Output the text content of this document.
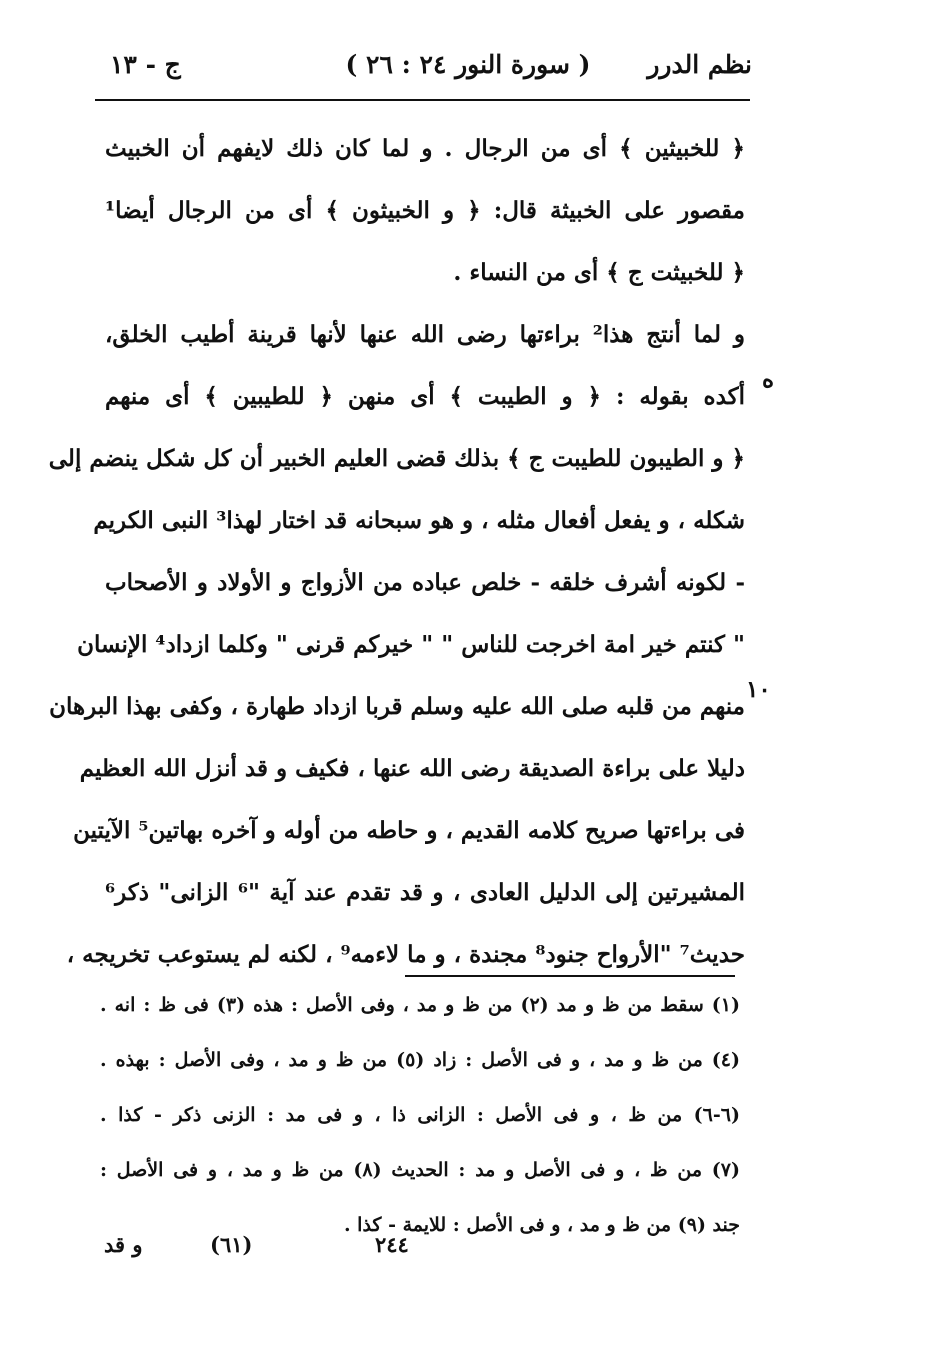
نظم الدرر
( سورة النور ٢٤ : ٢٦ )
ج - ١٣
﴿ للخبيثين ﴾ أى من الرجال . و لما كان ذلك لايفهم أن الخبيث
مقصور على الخبيثة قال: ﴿ و الخبيثون ﴾ أى من الرجال أيضا¹
﴿ للخبيثت ج ﴾ أى من النساء .
و لما أنتج هذا² براءتها رضى الله عنها لأنها قرينة أطيب الخلق،
أكده بقوله : ﴿ و الطيبت ﴾ أى منهن ﴿ للطيبين ﴾ أى منهم
﴿ و الطيبون للطيبت ج ﴾ بذلك قضى العليم الخبير أن كل شكل ينضم إلى
شكله ، و يفعل أفعال مثله ، و هو سبحانه قد اختار لهذا³ النبى الكريم
- لكونه أشرف خلقه - خلص عباده من الأزواج و الأولاد و الأصحاب
" كنتم خير امة اخرجت للناس " " خيركم قرنى " وكلما ازداد⁴ الإنسان
منهم من قلبه صلى الله عليه وسلم قربا ازداد طهارة ، وكفى بهذا البرهان
دليلا على براءة الصديقة رضى الله عنها ، فكيف و قد أنزل الله العظيم
فى براءتها صريح كلامه القديم ، و حاطه من أوله و آخره بهاتين⁵ الآيتين
المشيرتين إلى الدليل العادى ، و قد تقدم عند آية "⁶ الزانى" ذكر⁶
حديث⁷ "الأرواح جنود⁸ مجندة ، و ما لاءمه⁹ ، لكنه لم يستوعب تخريجه ،
ه
١٠
(١) سقط من ظ و مد (٢) من ظ و مد ، وفى الأصل : هذه (٣) فى ظ : انه .
(٤) من ظ و مد ، و فى الأصل : زاد (٥) من ظ و مد ، وفى الأصل : بهذه .
(٦-٦) من ظ ، و فى الأصل : الزانى ذا ، و فى مد : الزنى ذكر - كذا .
(٧) من ظ ، و فى الأصل و مد : الحديث (٨) من ظ و مد ، و فى الأصل :
جند (٩) من ظ و مد ، و فى الأصل : للايمة - كذا .
٢٤٤
(٦١)
و قد
